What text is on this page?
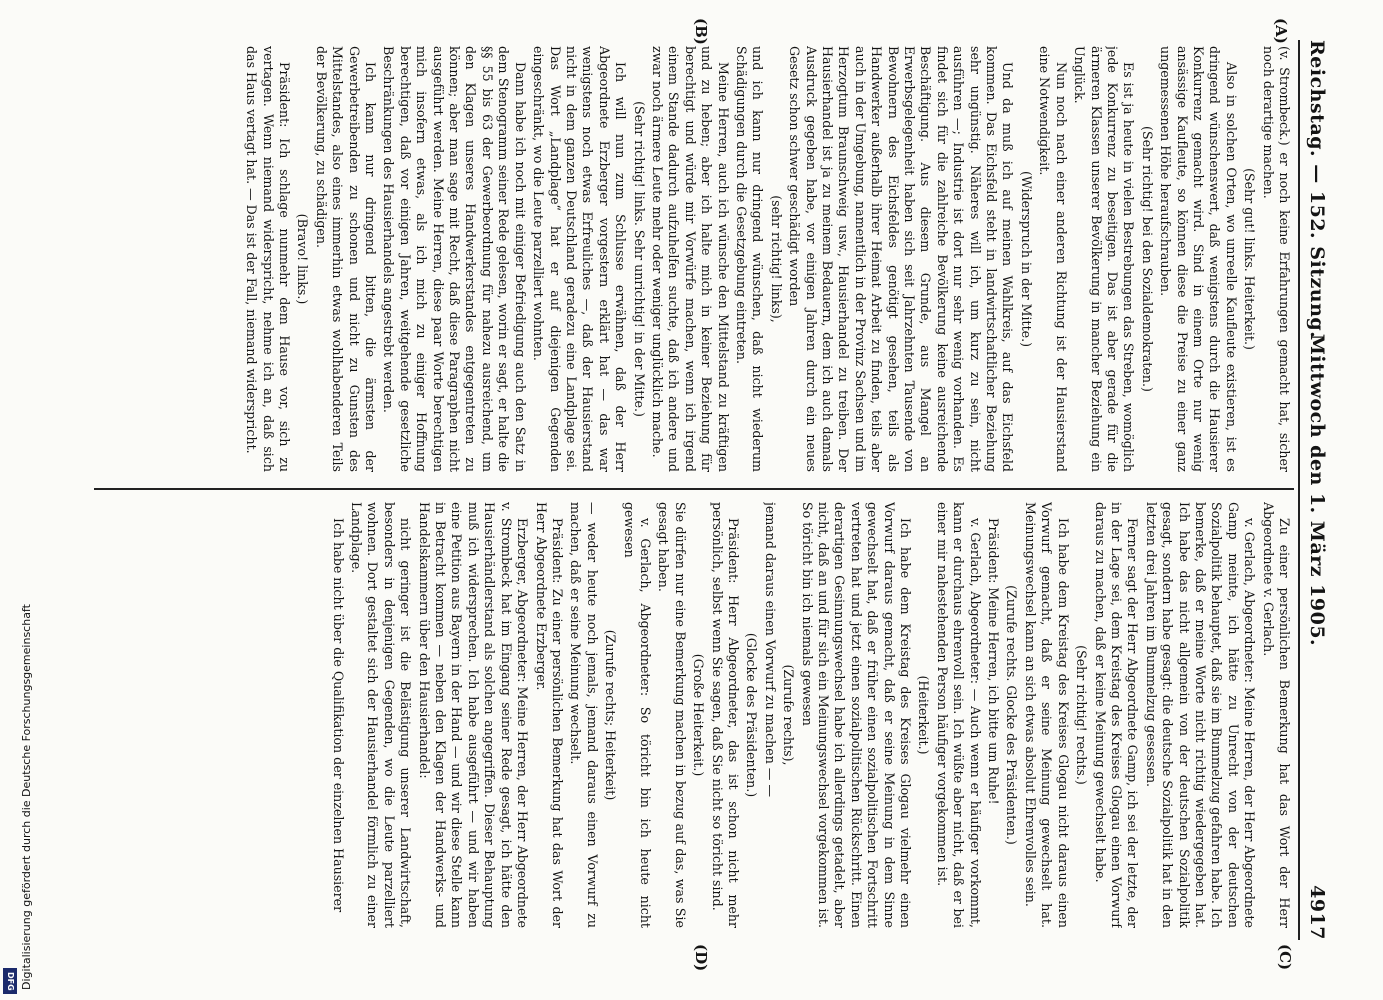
Reichstag. — 152. Sitzung.
Mittwoch den 1. März 1905.
4917
(A)
(B)
(C)
(D)

(v. Strombeck.) er noch keine Erfahrungen gemacht hat, sicher noch derartige machen.

(Sehr gut! links. Heiterkeit.)

Also in solchen Orten, wo unreelle Kaufleute existieren, ist es dringend wünschenswert, daß wenigstens durch die Hausierer Konkurrenz gemacht wird. Sind in einem Orte nur wenig ansässige Kaufleute, so können diese die Preise zu einer ganz ungemessenen Höhe heraufschrauben.

(Sehr richtig! bei den Sozialdemokraten.)

Es ist ja heute in vielen Bestrebungen das Streben, womöglich jede Konkurrenz zu beseitigen. Das ist aber gerade für die ärmeren Klassen unserer Bevölkerung in mancher Beziehung ein Unglück.

Nun noch nach einer anderen Richtung ist der Hausierstand eine Notwendigkeit.

(Widerspruch in der Mitte.)

Und da muß ich auf meinen Wahlkreis, auf das Eichsfeld kommen. Das Eichsfeld steht in landwirtschaftlicher Beziehung sehr ungünstig. Näheres will ich, um kurz zu sein, nicht ausführen —; Industrie ist dort nur sehr wenig vorhanden. Es findet sich für die zahlreiche Bevölkerung keine ausreichende Beschäftigung. Aus diesem Grunde, aus Mangel an Erwerbsgelegenheit haben sich seit Jahrzehnten Tausende von Bewohnern des Eichsfeldes genötigt gesehen, teils als Handwerker außerhalb ihrer Heimat Arbeit zu finden, teils aber auch in der Umgebung, namentlich in der Provinz Sachsen und im Herzogtum Braunschweig usw., Hausierhandel zu treiben. Der Hausierhandel ist ja zu meinem Bedauern, dem ich auch damals Ausdruck gegeben habe, vor einigen Jahren durch ein neues Gesetz schon schwer geschädigt worden

(sehr richtig! links),

und ich kann nur dringend wünschen, daß nicht wiederum Schädigungen durch die Gesetzgebung eintreten.

Meine Herren, auch ich wünsche den Mittelstand zu kräftigen und zu heben; aber ich halte mich in keiner Beziehung für berechtigt und würde mir Vorwürfe machen, wenn ich irgend einem Stande dadurch aufzuhelfen suchte, daß ich andere und zwar noch ärmere Leute mehr oder weniger unglücklich mache.

(Sehr richtig! links. Sehr unrichtig! in der Mitte.)

Ich will nun zum Schlusse erwähnen, daß der Herr Abgeordnete Erzberger vorgestern erklärt hat — das war wenigstens noch etwas Erfreuliches —, daß der Hausierstand nicht in dem ganzen Deutschland geradezu eine Landplage sei. Das Wort „Landplage“ hat er auf diejenigen Gegenden eingeschränkt, wo die Leute parzelliert wohnten.

Dann habe ich noch mit einiger Befriedigung auch den Satz in dem Stenogramm seiner Rede gelesen, worin er sagt, er halte die §§ 55 bis 63 der Gewerbeordnung für nahezu ausreichend, um den Klagen unseres Handwerkerstandes entgegentreten zu können; aber man sage mit Recht, daß diese Paragraphen nicht ausgeführt werden. Meine Herren, diese paar Worte berechtigen mich insofern etwas, als ich mich zu einiger Hoffnung berechtigen, daß vor einigen Jahren, weitgehende gesetzliche Beschränkungen des Hausierhandels angestrebt werden.

Ich kann nur dringend bitten, die ärmsten der Gewerbetreibenden zu schonen und nicht zu Gunsten des Mittelstandes, also eines immerhin etwas wohlhabenderen Teils der Bevölkerung, zu schädigen.

(Bravo! links.)

Präsident: Ich schlage nunmehr dem Hause vor, sich zu vertagen. Wenn niemand widerspricht, nehme ich an, daß sich das Haus vertagt hat. — Das ist der Fall, niemand widerspricht.

Zu einer persönlichen Bemerkung hat das Wort der Herr Abgeordnete v. Gerlach.

v. Gerlach, Abgeordneter: Meine Herren, der Herr Abgeordnete Gamp meinte, ich hätte zu Unrecht von der deutschen Sozialpolitik behauptet, daß sie im Bummelzug gefahren habe. Ich bemerke, daß er meine Worte nicht richtig wiedergegeben hat. Ich habe das nicht allgemein von der deutschen Sozialpolitik gesagt, sondern habe gesagt: die deutsche Sozialpolitik hat in den letzten drei Jahren im Bummelzug gesessen.

Ferner sagt der Herr Abgeordnete Gamp, ich sei der letzte, der in der Lage sei, dem Kreistag des Kreises Glogau einen Vorwurf daraus zu machen, daß er keine Meinung gewechselt habe.

(Sehr richtig! rechts.)

Ich habe dem Kreistag des Kreises Glogau nicht daraus einen Vorwurf gemacht, daß er seine Meinung gewechselt hat. Meinungswechsel kann an sich etwas absolut Ehrenvolles sein.

(Zurufe rechts. Glocke des Präsidenten.)

Präsident: Meine Herren, ich bitte um Ruhe!

v. Gerlach, Abgeordneter: — Auch wenn er häufiger vorkommt, kann er durchaus ehrenvoll sein. Ich wüßte aber nicht, daß er bei einer mir nahestehenden Person häufiger vorgekommen ist.

(Heiterkeit.)

Ich habe dem Kreistag des Kreises Glogau vielmehr einen Vorwurf daraus gemacht, daß er seine Meinung in dem Sinne gewechselt hat, daß er früher einen sozialpolitischen Fortschritt vertreten hat und jetzt einen sozialpolitischen Rückschritt. Einen derartigen Gesinnungswechsel habe ich allerdings getadelt, aber nicht, daß an und für sich ein Meinungswechsel vorgekommen ist. So töricht bin ich niemals gewesen

(Zurufe rechts),

jemand daraus einen Vorwurf zu machen — —

(Glocke des Präsidenten.)

Präsident: Herr Abgeordneter, das ist schon nicht mehr persönlich, selbst wenn Sie sagen, daß Sie nicht so töricht sind.

(Große Heiterkeit.)

Sie dürfen nur eine Bemerkung machen in bezug auf das, was Sie gesagt haben.

v. Gerlach, Abgeordneter: So töricht bin ich heute nicht gewesen

(Zurufe rechts; Heiterkeit)

— weder heute noch jemals, jemand daraus einen Vorwurf zu machen, daß er seine Meinung wechselt.

Präsident: Zu einer persönlichen Bemerkung hat das Wort der Herr Abgeordnete Erzberger.

Erzberger, Abgeordneter: Meine Herren, der Herr Abgeordnete v. Strombeck hat im Eingang seiner Rede gesagt, ich hätte den Hausierhändlerstand als solchen angegriffen. Dieser Behauptung muß ich widersprechen. Ich habe ausgeführt — und wir haben eine Petition aus Bayern in der Hand — und wir diese Stelle kann in Betracht kommen — neben den Klagen der Handwerks- und Handelskammern über den Hausierhandel:

nicht geringer ist die Belästigung unserer Landwirtschaft, besonders in denjenigen Gegenden, wo die Leute parzelliert wohnen. Dort gestaltet sich der Hausierhandel förmlich zu einer Landplage.

Ich habe nicht über die Qualifikation der einzelnen Hausierer

Digitalisierung gefördert durch die Deutsche Forschungsgemeinschaft
DFG
